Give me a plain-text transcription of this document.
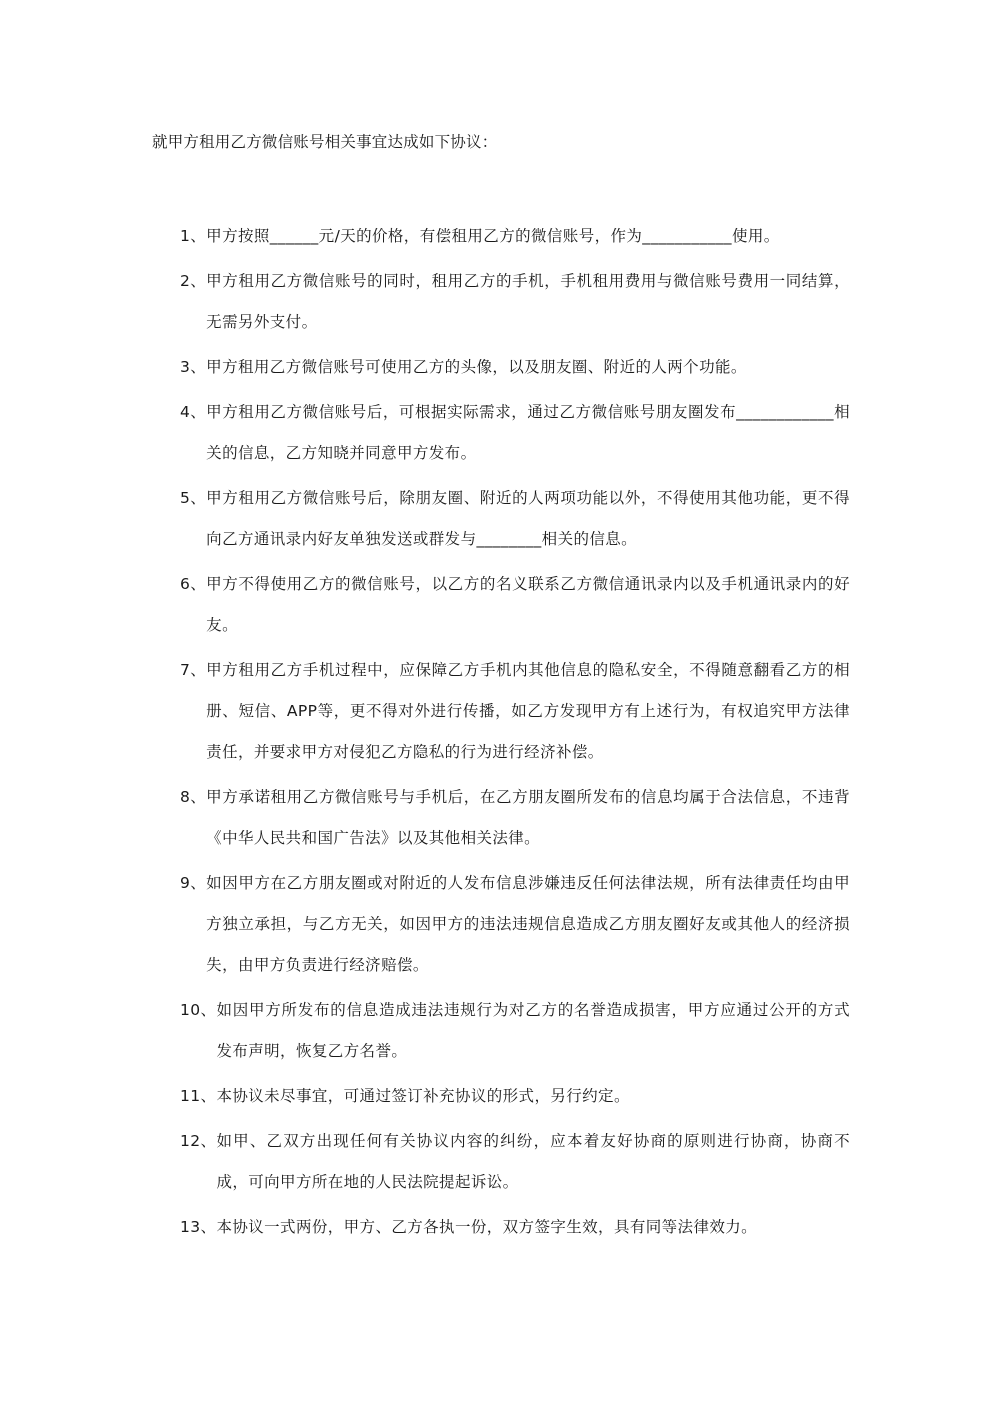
就甲方租用乙方微信账号相关事宜达成如下协议：
1、 甲方按照______元/天的价格，有偿租用乙方的微信账号，作为___________使用。
2、 甲方租用乙方微信账号的同时，租用乙方的手机，手机租用费用与微信账号费用一同结算，无需另外支付。
3、 甲方租用乙方微信账号可使用乙方的头像，以及朋友圈、附近的人两个功能。
4、 甲方租用乙方微信账号后，可根据实际需求，通过乙方微信账号朋友圈发布____________相关的信息，乙方知晓并同意甲方发布。
5、 甲方租用乙方微信账号后，除朋友圈、附近的人两项功能以外，不得使用其他功能，更不得向乙方通讯录内好友单独发送或群发与________相关的信息。
6、 甲方不得使用乙方的微信账号，以乙方的名义联系乙方微信通讯录内以及手机通讯录内的好友。
7、 甲方租用乙方手机过程中，应保障乙方手机内其他信息的隐私安全，不得随意翻看乙方的相册、短信、APP等，更不得对外进行传播，如乙方发现甲方有上述行为，有权追究甲方法律责任，并要求甲方对侵犯乙方隐私的行为进行经济补偿。
8、 甲方承诺租用乙方微信账号与手机后，在乙方朋友圈所发布的信息均属于合法信息，不违背《中华人民共和国广告法》以及其他相关法律。
9、 如因甲方在乙方朋友圈或对附近的人发布信息涉嫌违反任何法律法规，所有法律责任均由甲方独立承担，与乙方无关，如因甲方的违法违规信息造成乙方朋友圈好友或其他人的经济损失，由甲方负责进行经济赔偿。
10、 如因甲方所发布的信息造成违法违规行为对乙方的名誉造成损害，甲方应通过公开的方式发布声明，恢复乙方名誉。
11、 本协议未尽事宜，可通过签订补充协议的形式，另行约定。
12、 如甲、乙双方出现任何有关协议内容的纠纷，应本着友好协商的原则进行协商，协商不成，可向甲方所在地的人民法院提起诉讼。
13、 本协议一式两份，甲方、乙方各执一份，双方签字生效，具有同等法律效力。
